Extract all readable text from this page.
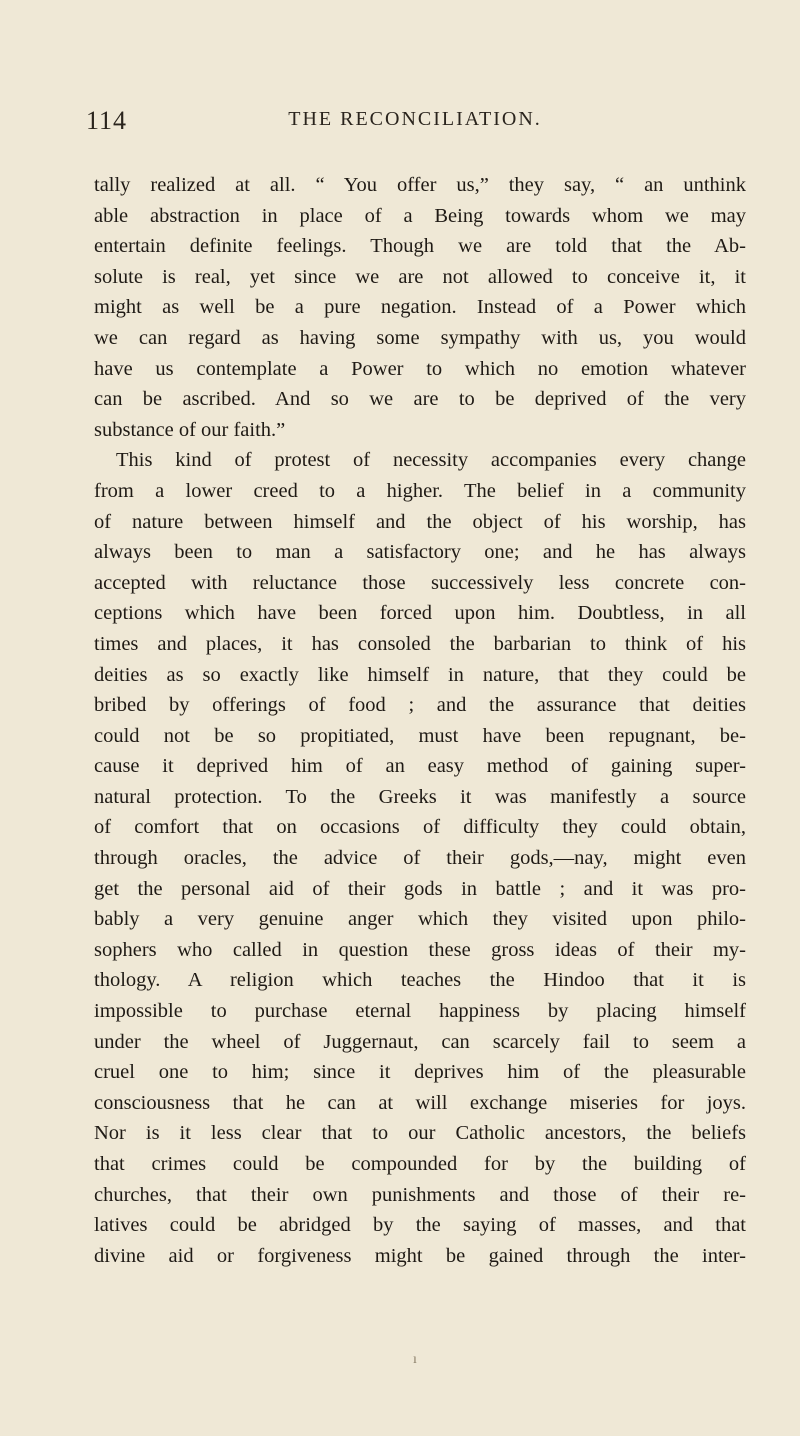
114	THE RECONCILIATION.
tally realized at all. “ You offer us,” they say, “ an unthink
able abstraction in place of a Being towards whom we may
entertain definite feelings. Though we are told that the Ab-
solute is real, yet since we are not allowed to conceive it, it
might as well be a pure negation. Instead of a Power which
we can regard as having some sympathy with us, you would
have us contemplate a Power to which no emotion whatever
can be ascribed. And so we are to be deprived of the very
substance of our faith.”
This kind of protest of necessity accompanies every change
from a lower creed to a higher. The belief in a community
of nature between himself and the object of his worship, has
always been to man a satisfactory one; and he has always
accepted with reluctance those successively less concrete con-
ceptions which have been forced upon him. Doubtless, in all
times and places, it has consoled the barbarian to think of his
deities as so exactly like himself in nature, that they could be
bribed by offerings of food ; and the assurance that deities
could not be so propitiated, must have been repugnant, be-
cause it deprived him of an easy method of gaining super-
natural protection. To the Greeks it was manifestly a source
of comfort that on occasions of difficulty they could obtain,
through oracles, the advice of their gods,—nay, might even
get the personal aid of their gods in battle ; and it was pro-
bably a very genuine anger which they visited upon philo-
sophers who called in question these gross ideas of their my-
thology. A religion which teaches the Hindoo that it is
impossible to purchase eternal happiness by placing himself
under the wheel of Juggernaut, can scarcely fail to seem a
cruel one to him; since it deprives him of the pleasurable
consciousness that he can at will exchange miseries for joys.
Nor is it less clear that to our Catholic ancestors, the beliefs
that crimes could be compounded for by the building of
churches, that their own punishments and those of their re-
latives could be abridged by the saying of masses, and that
divine aid or forgiveness might be gained through the inter-
ı
